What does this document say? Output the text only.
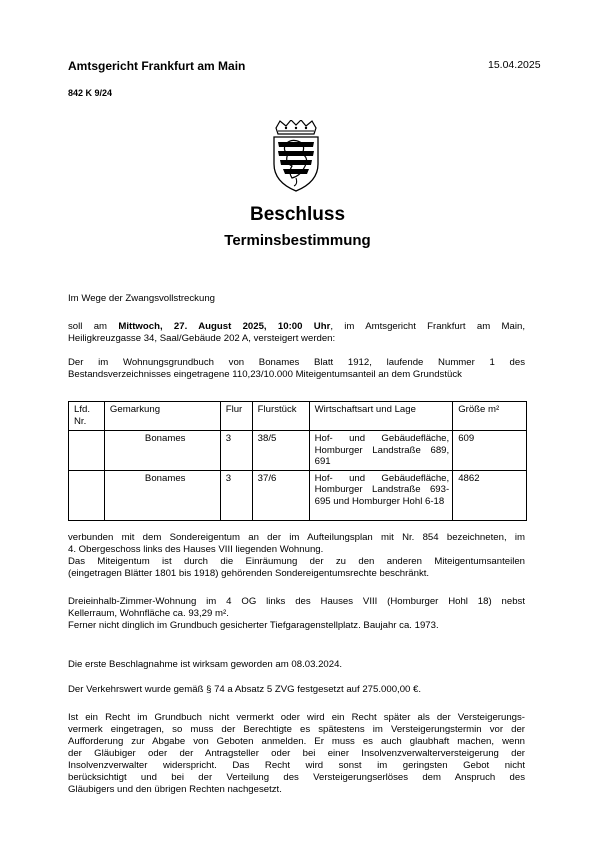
Amtsgericht Frankfurt am Main	15.04.2025
842 K 9/24
Beschluss
Terminsbestimmung
Im Wege der Zwangsvollstreckung
soll am Mittwoch, 27. August 2025, 10:00 Uhr, im Amtsgericht Frankfurt am Main,
Heiligkreuzgasse 34, Saal/Gebäude 202 A, versteigert werden:
Der im Wohnungsgrundbuch von Bonames Blatt 1912, laufende Nummer 1 des
Bestandsverzeichnisses eingetragene 110,23/10.000 Miteigentumsanteil an dem Grundstück
Lfd. Nr.	Gemarkung	Flur	Flurstück	Wirtschaftsart und Lage	Größe m²
	Bonames	3	38/5	Hof- und Gebäudefläche, Homburger Landstraße 689, 691	609
	Bonames	3	37/6	Hof- und Gebäudefläche, Homburger Landstraße 693-695 und Homburger Hohl 6-18	4862
verbunden mit dem Sondereigentum an der im Aufteilungsplan mit Nr. 854 bezeichneten, im
4. Obergeschoss links des Hauses VIII liegenden Wohnung.
Das Miteigentum ist durch die Einräumung der zu den anderen Miteigentumsanteilen
(eingetragen Blätter 1801 bis 1918) gehörenden Sondereigentumsrechte beschränkt.
Dreieinhalb-Zimmer-Wohnung im 4 OG links des Hauses VIII (Homburger Hohl 18) nebst
Kellerraum, Wohnfläche ca. 93,29 m².
Ferner nicht dinglich im Grundbuch gesicherter Tiefgaragenstellplatz. Baujahr ca. 1973.
Die erste Beschlagnahme ist wirksam geworden am 08.03.2024.
Der Verkehrswert wurde gemäß § 74 a Absatz 5 ZVG festgesetzt auf 275.000,00 €.
Ist ein Recht im Grundbuch nicht vermerkt oder wird ein Recht später als der Versteigerungs-
vermerk eingetragen, so muss der Berechtigte es spätestens im Versteigerungstermin vor der
Aufforderung zur Abgabe von Geboten anmelden. Er muss es auch glaubhaft machen, wenn
der Gläubiger oder der Antragsteller oder bei einer Insolvenzverwalterversteigerung der
Insolvenzverwalter widerspricht. Das Recht wird sonst im geringsten Gebot nicht
berücksichtigt und bei der Verteilung des Versteigerungserlöses dem Anspruch des
Gläubigers und den übrigen Rechten nachgesetzt.
